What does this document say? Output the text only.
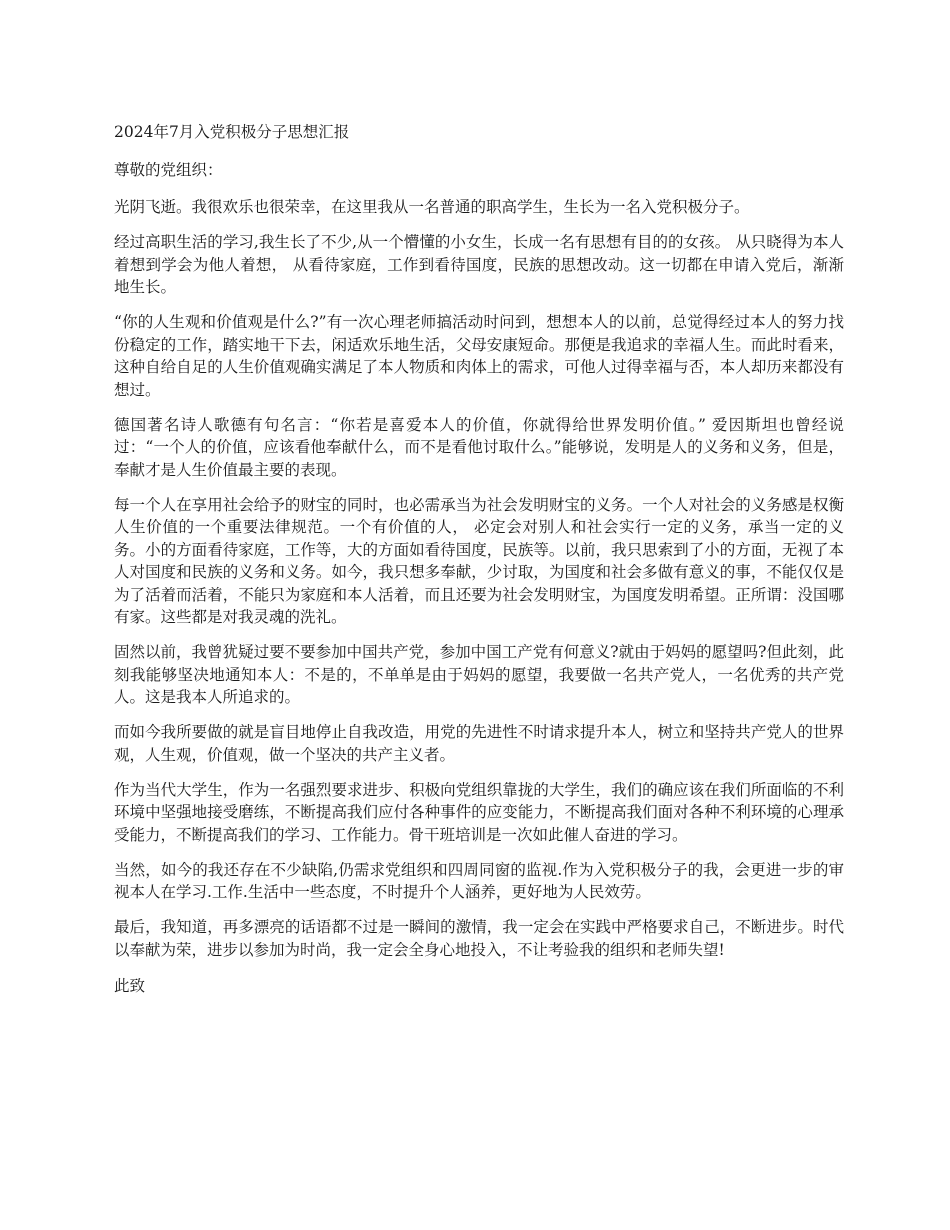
2024年7月入党积极分子思想汇报
尊敬的党组织：

光阴飞逝。我很欢乐也很荣幸，在这里我从一名普通的职高学生，生长为一名入党积极分子。

经过高职生活的学习,我生长了不少,从一个懵懂的小女生，长成一名有思想有目的的女孩。 从只晓得为本人着想到学会为他人着想， 从看待家庭，工作到看待国度，民族的思想改动。这一切都在申请入党后，渐渐地生长。

“你的人生观和价值观是什么?”有一次心理老师搞活动时问到，想想本人的以前，总觉得经过本人的努力找份稳定的工作，踏实地干下去，闲适欢乐地生活，父母安康短命。那便是我追求的幸福人生。而此时看来，这种自给自足的人生价值观确实满足了本人物质和肉体上的需求，可他人过得幸福与否，本人却历来都没有想过。

德国著名诗人歌德有句名言：“你若是喜爱本人的价值，你就得给世界发明价值。” 爱因斯坦也曾经说过：“一个人的价值，应该看他奉献什么，而不是看他讨取什么。”能够说，发明是人的义务和义务，但是，奉献才是人生价值最主要的表现。

每一个人在享用社会给予的财宝的同时，也必需承当为社会发明财宝的义务。一个人对社会的义务感是权衡人生价值的一个重要法律规范。一个有价值的人， 必定会对别人和社会实行一定的义务，承当一定的义务。小的方面看待家庭，工作等，大的方面如看待国度，民族等。以前，我只思索到了小的方面，无视了本人对国度和民族的义务和义务。如今，我只想多奉献，少讨取，为国度和社会多做有意义的事，不能仅仅是为了活着而活着，不能只为家庭和本人活着，而且还要为社会发明财宝，为国度发明希望。正所谓：没国哪有家。这些都是对我灵魂的洗礼。

固然以前，我曾犹疑过要不要参加中国共产党，参加中国工产党有何意义?就由于妈妈的愿望吗?但此刻，此刻我能够坚决地通知本人：不是的，不单单是由于妈妈的愿望，我要做一名共产党人，一名优秀的共产党人。这是我本人所追求的。

而如今我所要做的就是盲目地停止自我改造，用党的先进性不时请求提升本人，树立和坚持共产党人的世界观，人生观，价值观，做一个坚决的共产主义者。

作为当代大学生，作为一名强烈要求进步、积极向党组织靠拢的大学生，我们的确应该在我们所面临的不利环境中坚强地接受磨练，不断提高我们应付各种事件的应变能力，不断提高我们面对各种不利环境的心理承受能力，不断提高我们的学习、工作能力。骨干班培训是一次如此催人奋进的学习。

当然，如今的我还存在不少缺陷,仍需求党组织和四周同窗的监视.作为入党积极分子的我，会更进一步的审视本人在学习.工作.生活中一些态度，不时提升个人涵养，更好地为人民效劳。

最后，我知道，再多漂亮的话语都不过是一瞬间的激情，我一定会在实践中严格要求自己，不断进步。时代以奉献为荣，进步以参加为时尚，我一定会全身心地投入，不让考验我的组织和老师失望!

此致
